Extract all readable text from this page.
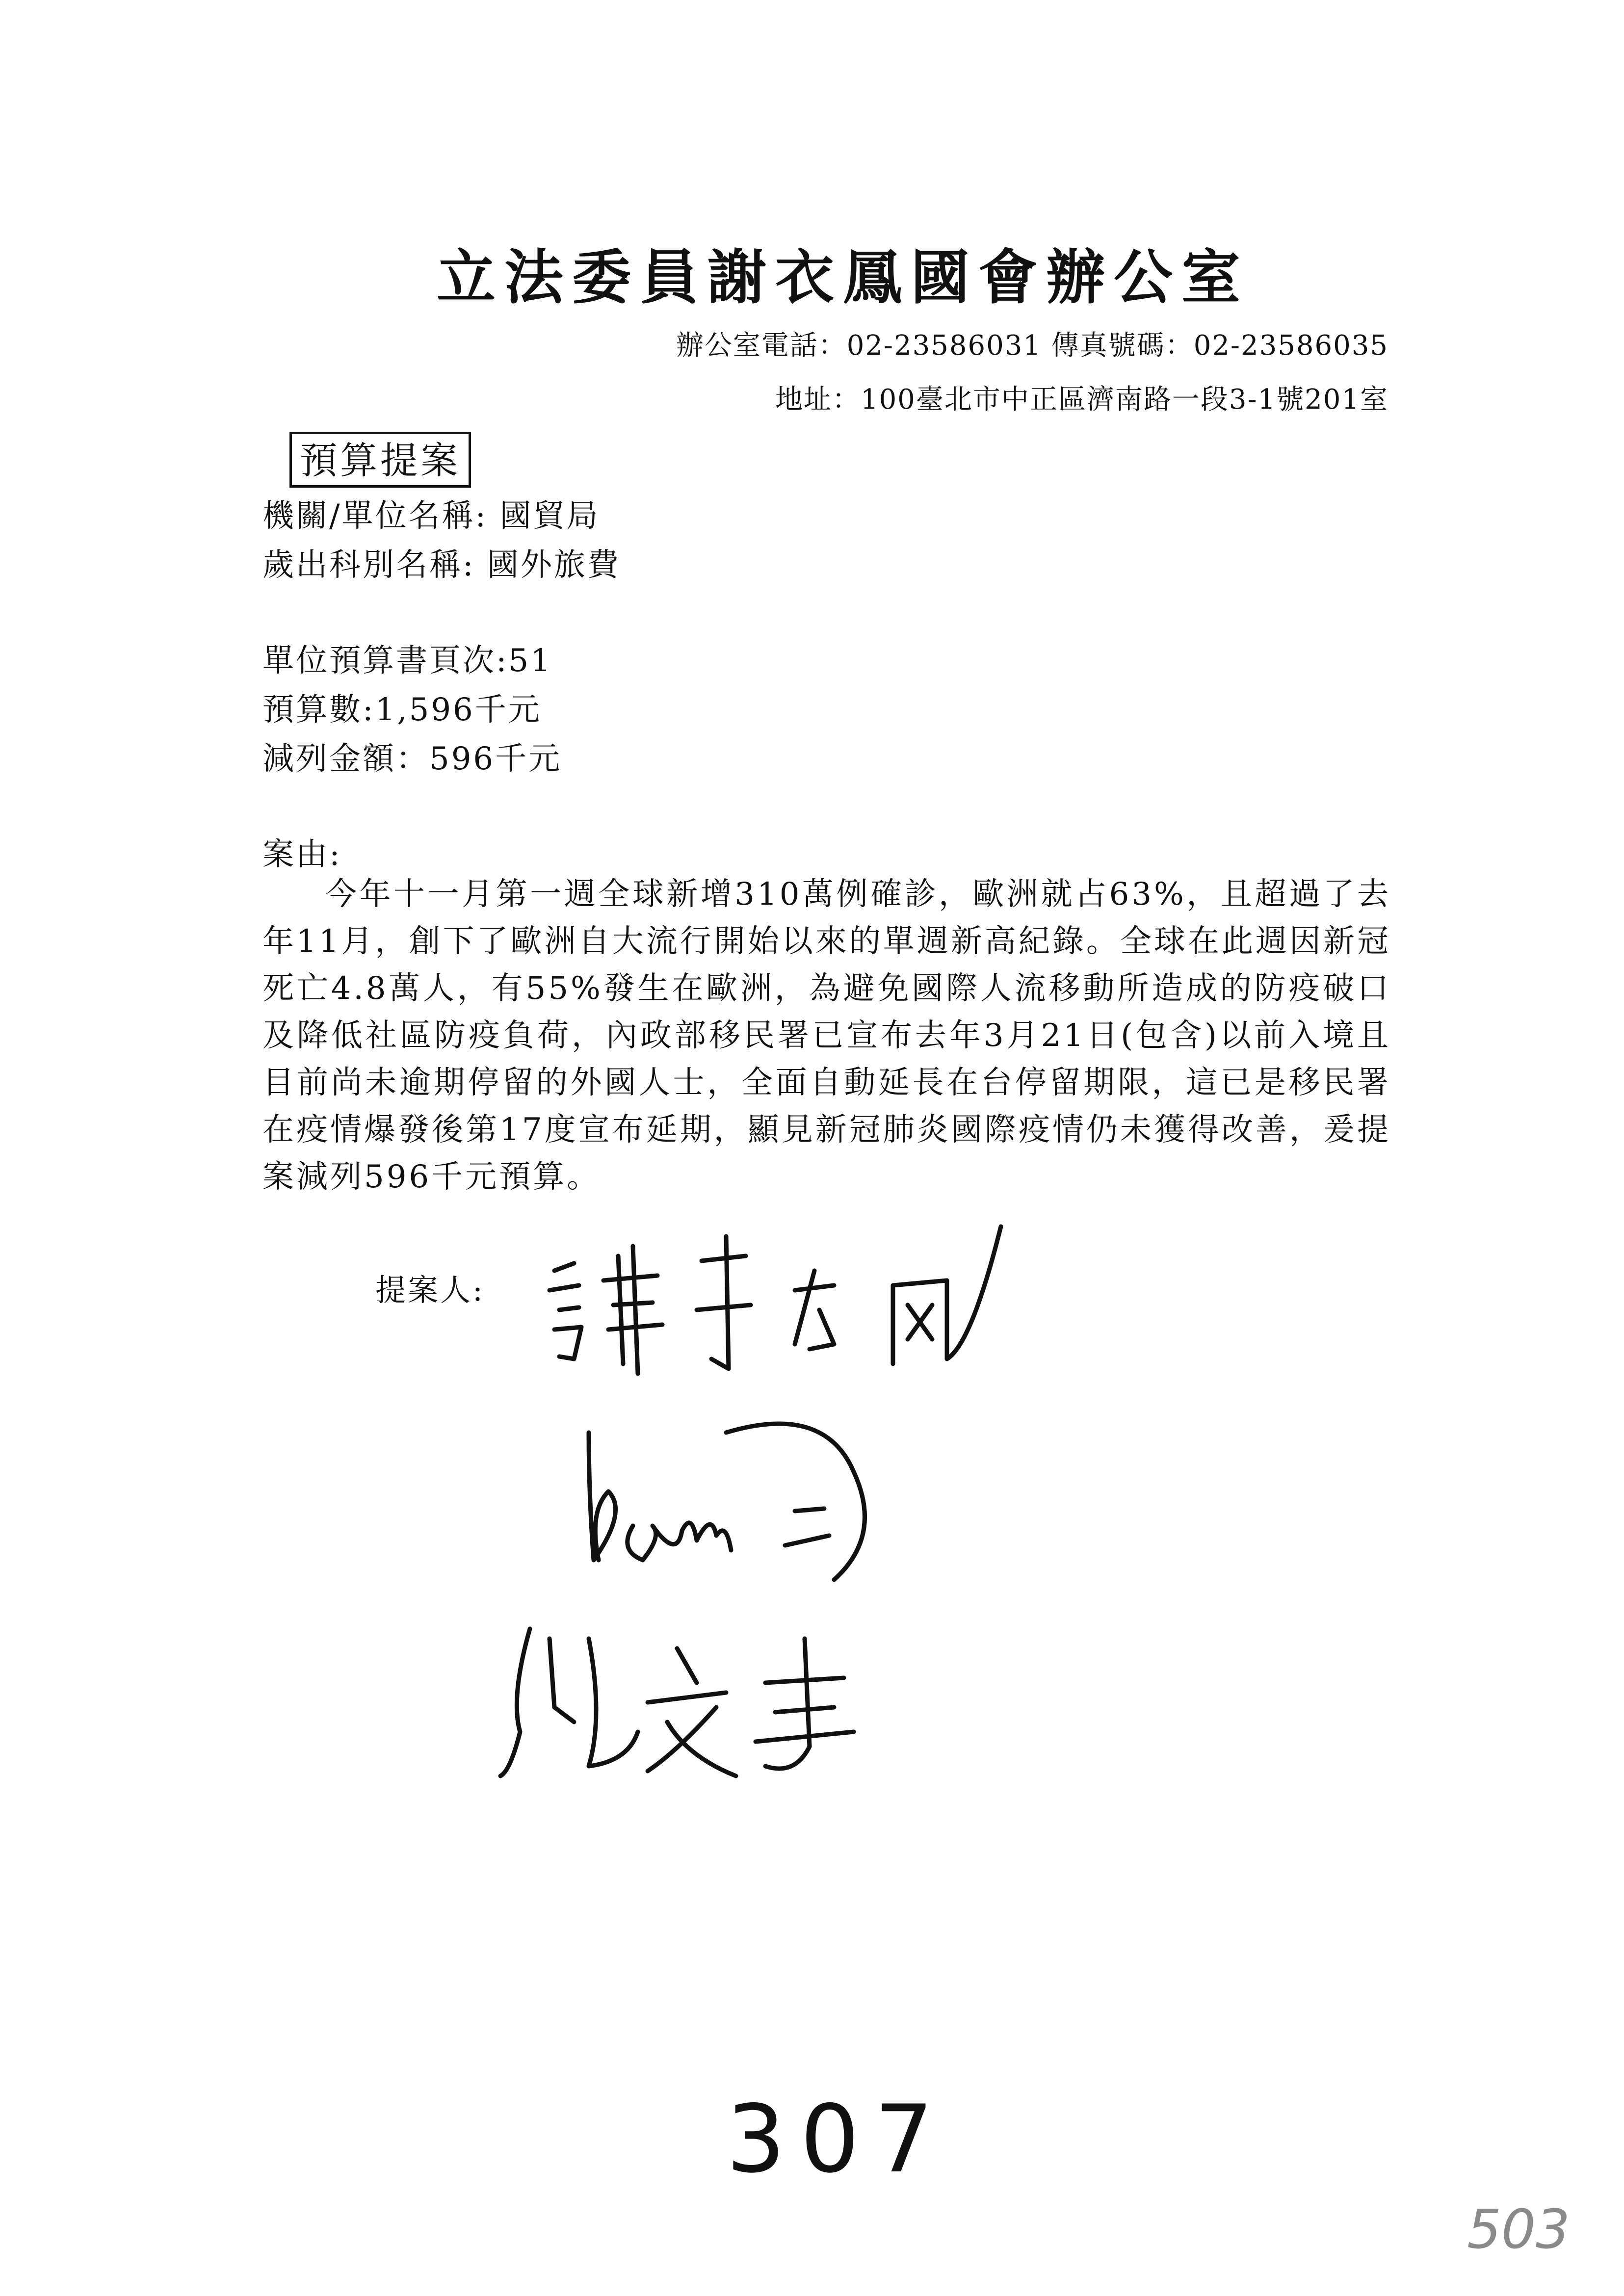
立法委員謝衣鳳國會辦公室
辦公室電話：02-23586031 傳真號碼：02-23586035
地址：100臺北市中正區濟南路一段3-1號201室
預算提案
機關/單位名稱: 國貿局
歲出科別名稱: 國外旅費
單位預算書頁次:51
預算數:1,596千元
減列金額：596千元
案由:
今年十一月第一週全球新增310萬例確診，歐洲就占63%，且超過了去年11月，創下了歐洲自大流行開始以來的單週新高紀錄。全球在此週因新冠死亡4.8萬人，有55%發生在歐洲，為避免國際人流移動所造成的防疫破口及降低社區防疫負荷，內政部移民署已宣布去年3月21日(包含)以前入境且目前尚未逾期停留的外國人士，全面自動延長在台停留期限，這已是移民署在疫情爆發後第17度宣布延期，顯見新冠肺炎國際疫情仍未獲得改善，爰提案減列596千元預算。
提案人:
307
503
